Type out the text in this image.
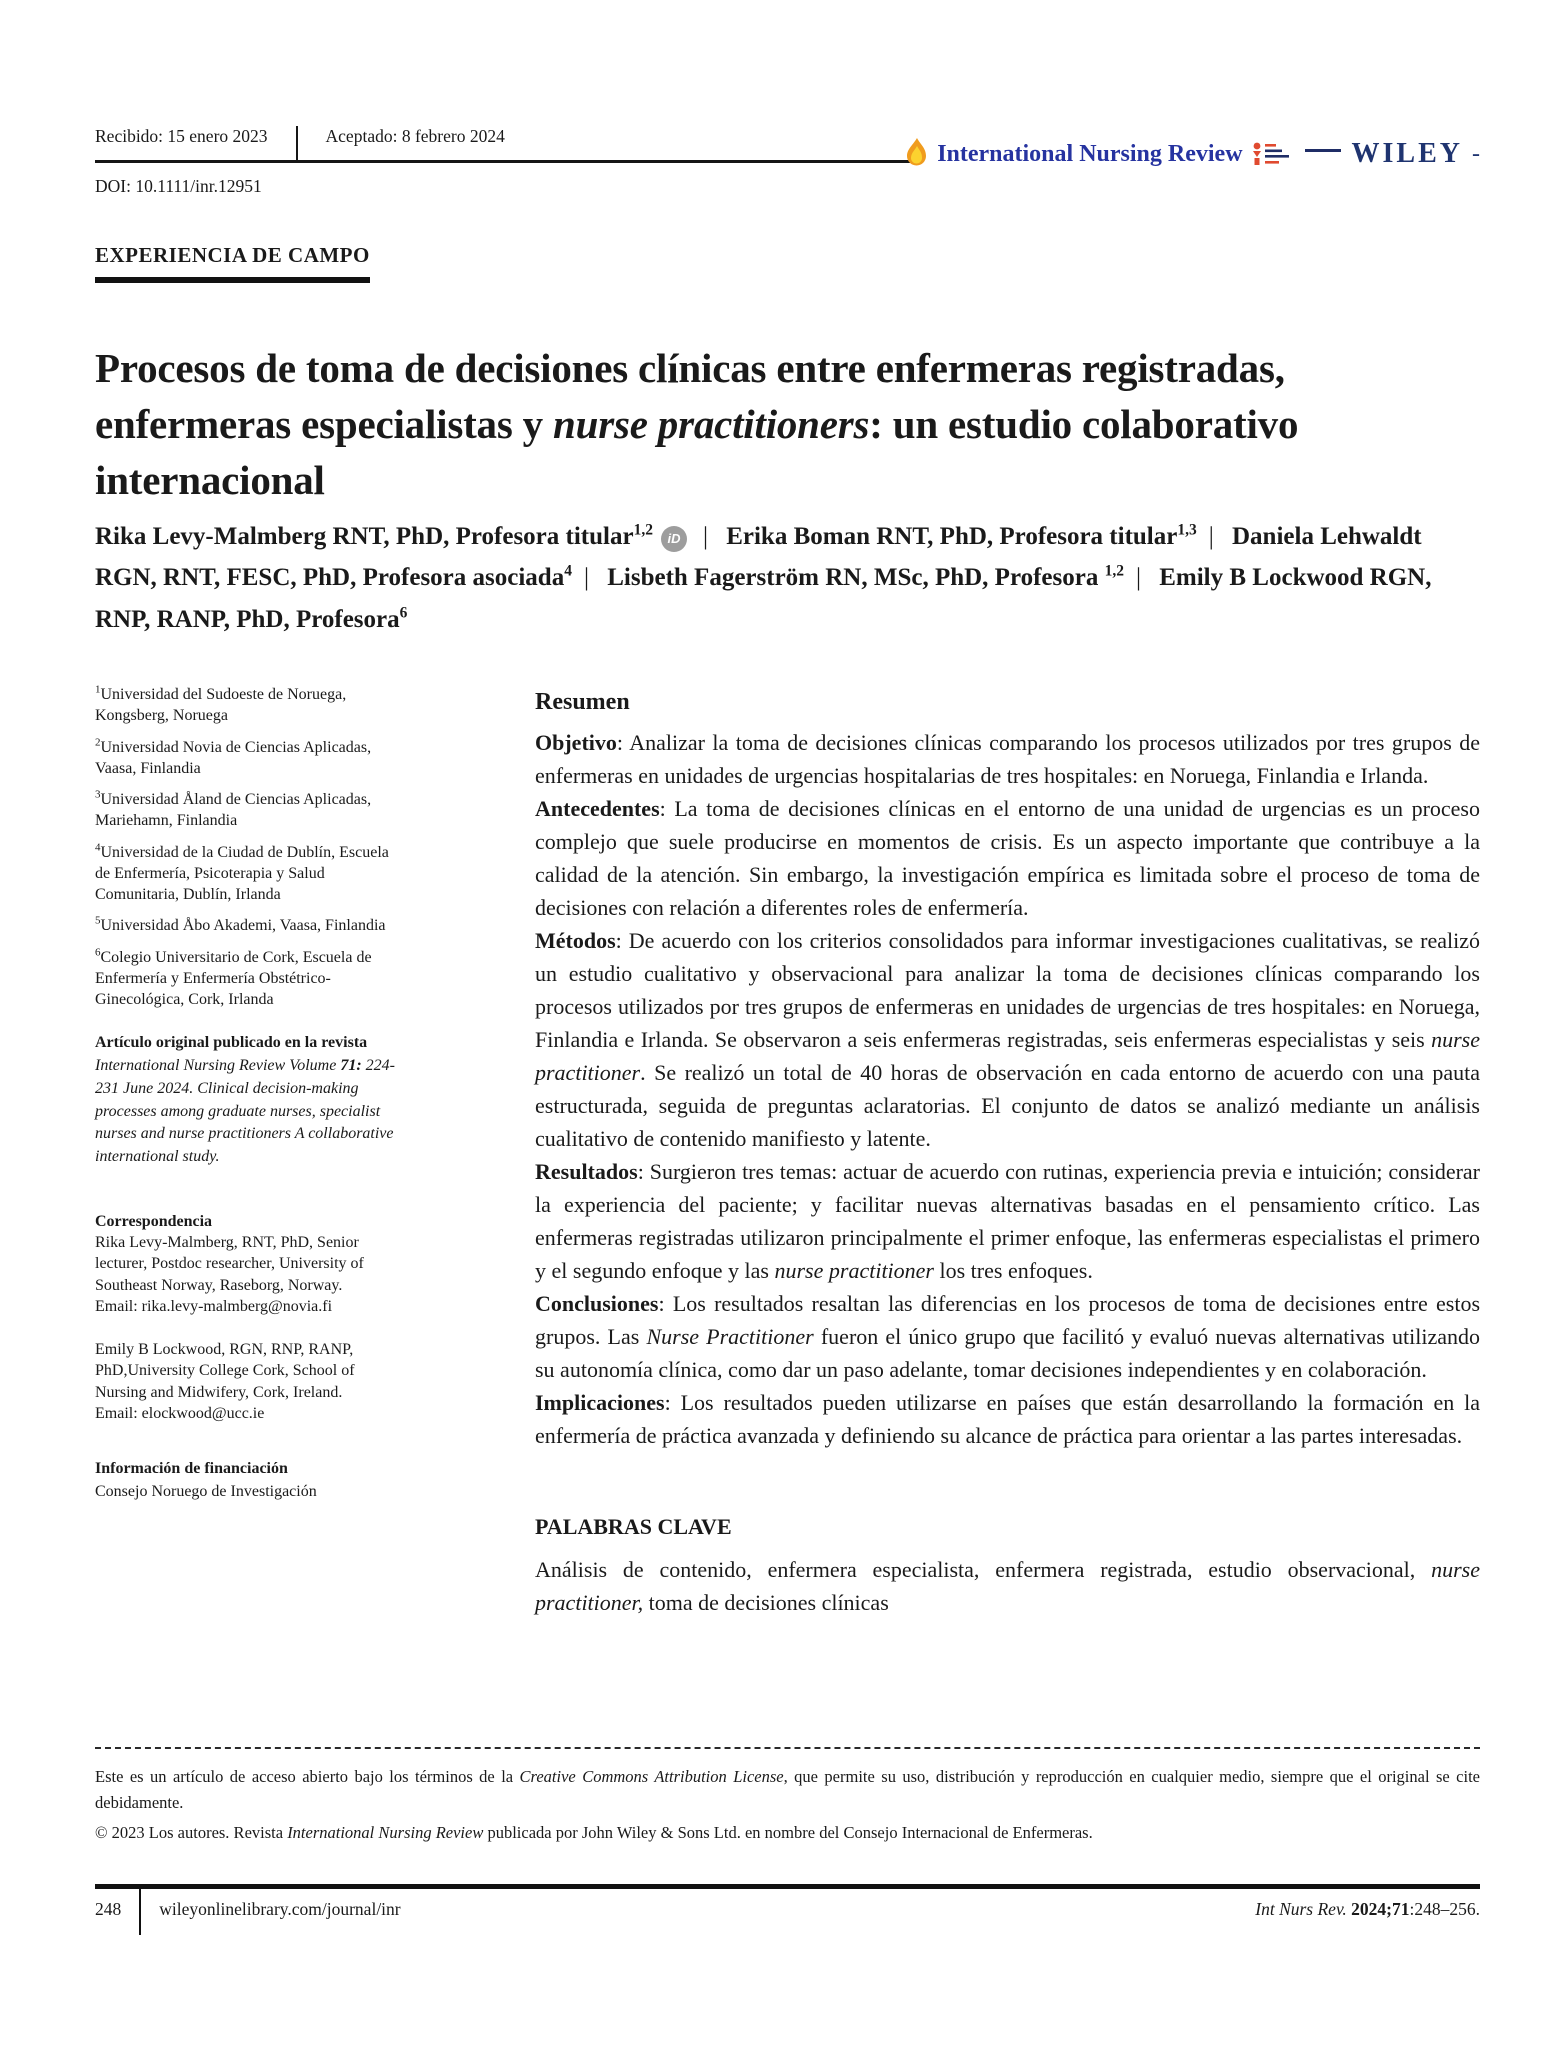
Recibido: 15 enero 2023	Aceptado: 8 febrero 2024
DOI: 10.1111/inr.12951
International Nursing Review	WILEY -
EXPERIENCIA DE CAMPO
Procesos de toma de decisiones clínicas entre enfermeras registradas, enfermeras especialistas y nurse practitioners: un estudio colaborativo internacional
Rika Levy-Malmberg RNT, PhD, Profesora titular$^{1,2}$ iD | Erika Boman RNT, PhD, Profesora titular$^{1,3}$ | Daniela Lehwaldt RGN, RNT, FESC, PhD, Profesora asociada$^4$ | Lisbeth Fagerström RN, MSc, PhD, Profesora $^{1,2}$ | Emily B Lockwood RGN, RNP, RANP, PhD, Profesora$^6$

$^1$Universidad del Sudoeste de Noruega, Kongsberg, Noruega

$^2$Universidad Novia de Ciencias Aplicadas, Vaasa, Finlandia

$^3$Universidad Åland de Ciencias Aplicadas, Mariehamn, Finlandia

$^4$Universidad de la Ciudad de Dublín, Escuela de Enfermería, Psicoterapia y Salud Comunitaria, Dublín, Irlanda

$^5$Universidad Åbo Akademi, Vaasa, Finlandia

$^6$Colegio Universitario de Cork, Escuela de Enfermería y Enfermería Obstétrico-Ginecológica, Cork, Irlanda

Artículo original publicado en la revista International Nursing Review Volume 71: 224-231 June 2024. Clinical decision-making processes among graduate nurses, specialist nurses and nurse practitioners A collaborative international study.

Correspondencia

Rika Levy-Malmberg, RNT, PhD, Senior lecturer, Postdoc researcher, University of Southeast Norway, Raseborg, Norway.

Email: rika.levy-malmberg@novia.fi

Emily B Lockwood, RGN, RNP, RANP, PhD,University College Cork, School of Nursing and Midwifery, Cork, Ireland.

Email: elockwood@ucc.ie

Información de financiación

Consejo Noruego de Investigación

Resumen

Objetivo: Analizar la toma de decisiones clínicas comparando los procesos utilizados por tres grupos de enfermeras en unidades de urgencias hospitalarias de tres hospitales: en Noruega, Finlandia e Irlanda.

Antecedentes: La toma de decisiones clínicas en el entorno de una unidad de urgencias es un proceso complejo que suele producirse en momentos de crisis. Es un aspecto importante que contribuye a la calidad de la atención. Sin embargo, la investigación empírica es limitada sobre el proceso de toma de decisiones con relación a diferentes roles de enfermería.

Métodos: De acuerdo con los criterios consolidados para informar investigaciones cualitativas, se realizó un estudio cualitativo y observacional para analizar la toma de decisiones clínicas comparando los procesos utilizados por tres grupos de enfermeras en unidades de urgencias de tres hospitales: en Noruega, Finlandia e Irlanda. Se observaron a seis enfermeras registradas, seis enfermeras especialistas y seis nurse practitioner. Se realizó un total de 40 horas de observación en cada entorno de acuerdo con una pauta estructurada, seguida de preguntas aclaratorias. El conjunto de datos se analizó mediante un análisis cualitativo de contenido manifiesto y latente.

Resultados: Surgieron tres temas: actuar de acuerdo con rutinas, experiencia previa e intuición; considerar la experiencia del paciente; y facilitar nuevas alternativas basadas en el pensamiento crítico. Las enfermeras registradas utilizaron principalmente el primer enfoque, las enfermeras especialistas el primero y el segundo enfoque y las nurse practitioner los tres enfoques.

Conclusiones: Los resultados resaltan las diferencias en los procesos de toma de decisiones entre estos grupos. Las Nurse Practitioner fueron el único grupo que facilitó y evaluó nuevas alternativas utilizando su autonomía clínica, como dar un paso adelante, tomar decisiones independientes y en colaboración.

Implicaciones: Los resultados pueden utilizarse en países que están desarrollando la formación en la enfermería de práctica avanzada y definiendo su alcance de práctica para orientar a las partes interesadas.

PALABRAS CLAVE

Análisis de contenido, enfermera especialista, enfermera registrada, estudio observacional, nurse practitioner, toma de decisiones clínicas

Este es un artículo de acceso abierto bajo los términos de la Creative Commons Attribution License, que permite su uso, distribución y reproducción en cualquier medio, siempre que el original se cite debidamente.

© 2023 Los autores. Revista International Nursing Review publicada por John Wiley & Sons Ltd. en nombre del Consejo Internacional de Enfermeras.

248	wileyonlinelibrary.com/journal/inr	Int Nurs Rev. 2024;71:248–256.
